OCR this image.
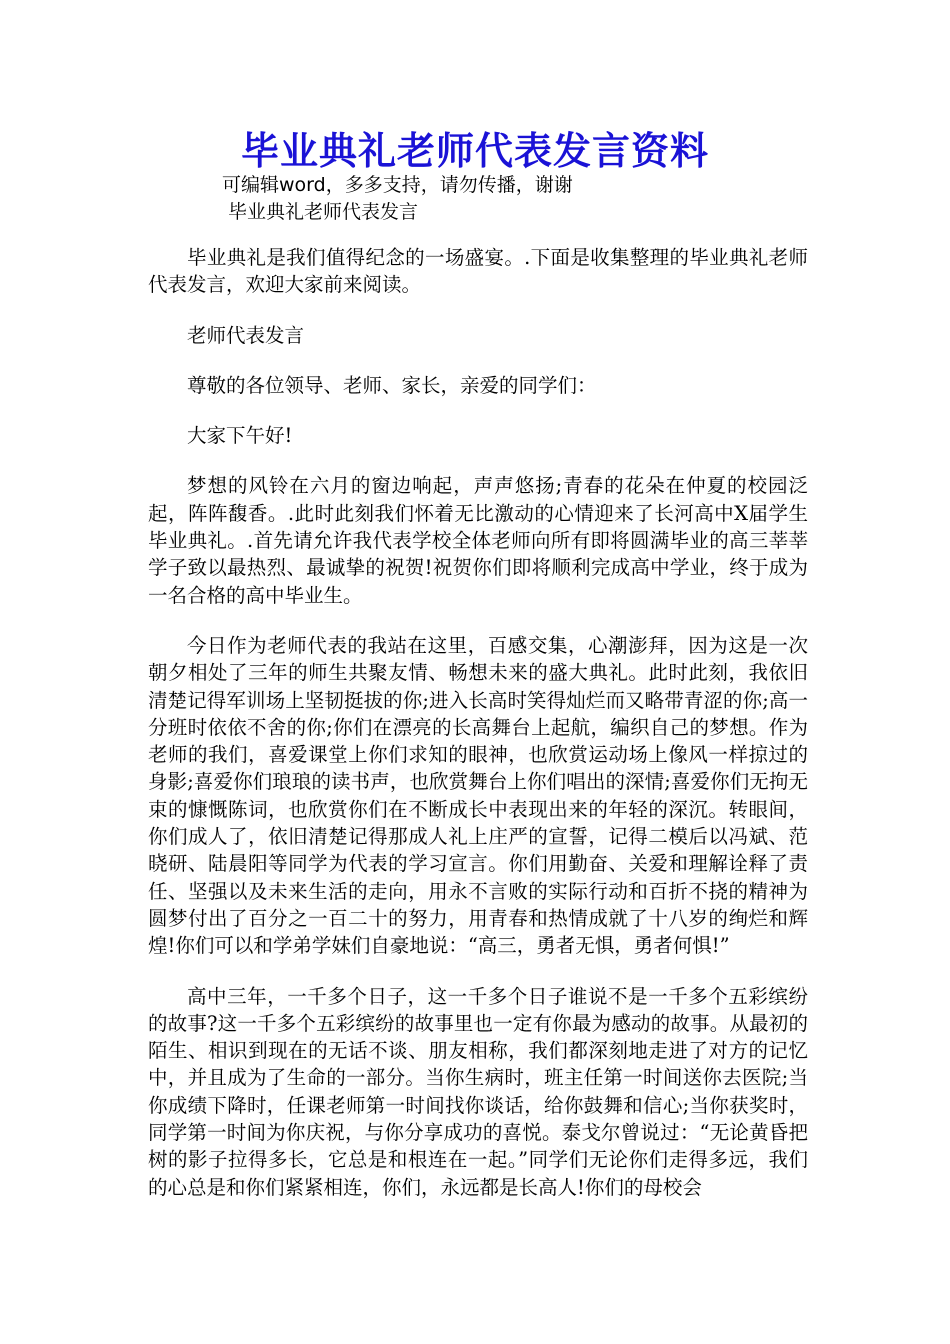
毕业典礼老师代表发言资料
可编辑word，多多支持，请勿传播，谢谢
毕业典礼老师代表发言

毕业典礼是我们值得纪念的一场盛宴。.下面是收集整理的毕业典礼老师代表发言，欢迎大家前来阅读。

老师代表发言

尊敬的各位领导、老师、家长，亲爱的同学们：

大家下午好!

梦想的风铃在六月的窗边响起，声声悠扬;青春的花朵在仲夏的校园泛起，阵阵馥香。.此时此刻我们怀着无比激动的心情迎来了长河高中X届学生毕业典礼。.首先请允许我代表学校全体老师向所有即将圆满毕业的高三莘莘学子致以最热烈、最诚挚的祝贺!祝贺你们即将顺利完成高中学业，终于成为一名合格的高中毕业生。

今日作为老师代表的我站在这里，百感交集，心潮澎拜，因为这是一次朝夕相处了三年的师生共聚友情、畅想未来的盛大典礼。此时此刻，我依旧清楚记得军训场上坚韧挺拔的你;进入长高时笑得灿烂而又略带青涩的你;高一分班时依依不舍的你;你们在漂亮的长高舞台上起航，编织自己的梦想。作为老师的我们，喜爱课堂上你们求知的眼神，也欣赏运动场上像风一样掠过的身影;喜爱你们琅琅的读书声，也欣赏舞台上你们唱出的深情;喜爱你们无拘无束的慷慨陈词，也欣赏你们在不断成长中表现出来的年轻的深沉。转眼间，你们成人了，依旧清楚记得那成人礼上庄严的宣誓，记得二模后以冯斌、范晓研、陆晨阳等同学为代表的学习宣言。你们用勤奋、关爱和理解诠释了责任、坚强以及未来生活的走向，用永不言败的实际行动和百折不挠的精神为圆梦付出了百分之一百二十的努力，用青春和热情成就了十八岁的绚烂和辉煌!你们可以和学弟学妹们自豪地说：“高三，勇者无惧，勇者何惧!”

高中三年，一千多个日子，这一千多个日子谁说不是一千多个五彩缤纷的故事?这一千多个五彩缤纷的故事里也一定有你最为感动的故事。从最初的陌生、相识到现在的无话不谈、朋友相称，我们都深刻地走进了对方的记忆中，并且成为了生命的一部分。当你生病时，班主任第一时间送你去医院;当你成绩下降时，任课老师第一时间找你谈话，给你鼓舞和信心;当你获奖时，同学第一时间为你庆祝，与你分享成功的喜悦。泰戈尔曾说过：“无论黄昏把树的影子拉得多长，它总是和根连在一起。”同学们无论你们走得多远，我们的心总是和你们紧紧相连，你们，永远都是长高人!你们的母校会
